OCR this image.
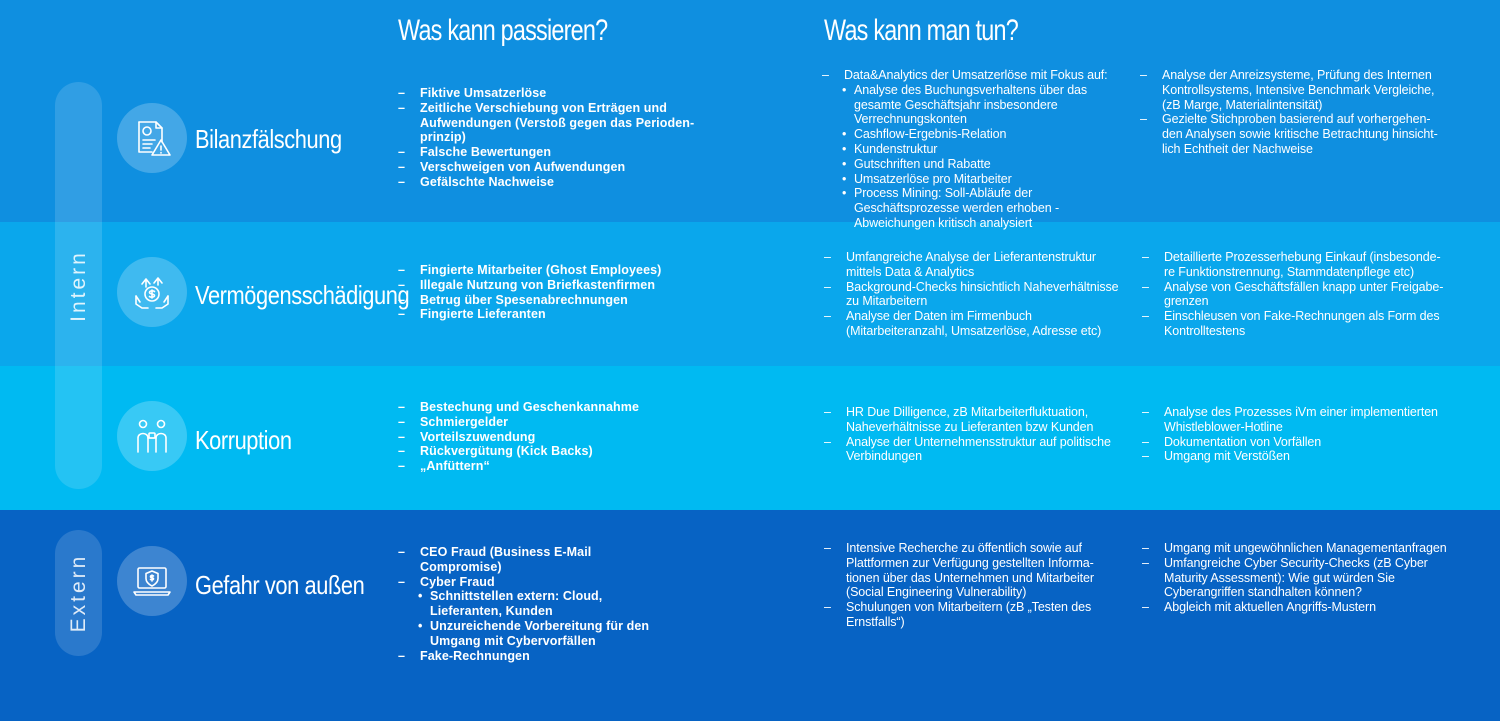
Was kann passieren?	Was kann man tun?
Intern
Extern
Bilanzfälschung
– Fiktive Umsatzerlöse
– Zeitliche Verschiebung von Erträgen und Aufwendungen (Verstoß gegen das Perioden-prinzip)
– Falsche Bewertungen
– Verschweigen von Aufwendungen
– Gefälschte Nachweise
– Data&Analytics der Umsatzerlöse mit Fokus auf:
• Analyse des Buchungsverhaltens über das gesamte Geschäftsjahr insbesondere Verrechnungskonten
• Cashflow-Ergebnis-Relation
• Kundenstruktur
• Gutschriften und Rabatte
• Umsatzerlöse pro Mitarbeiter
• Process Mining: Soll-Abläufe der Geschäftsprozesse werden erhoben - Abweichungen kritisch analysiert
– Analyse der Anreizsysteme, Prüfung des Internen Kontrollsystems, Intensive Benchmark Vergleiche, (zB Marge, Materialintensität)
– Gezielte Stichproben basierend auf vorhergehen-den Analysen sowie kritische Betrachtung hinsicht-lich Echtheit der Nachweise
Vermögensschädigung
– Fingierte Mitarbeiter (Ghost Employees)
– Illegale Nutzung von Briefkastenfirmen
– Betrug über Spesenabrechnungen
– Fingierte Lieferanten
– Umfangreiche Analyse der Lieferantenstruktur mittels Data & Analytics
– Background-Checks hinsichtlich Naheverhältnisse zu Mitarbeitern
– Analyse der Daten im Firmenbuch (Mitarbeiteranzahl, Umsatzerlöse, Adresse etc)
– Detaillierte Prozesserhebung Einkauf (insbesonde-re Funktionstrennung, Stammdatenpflege etc)
– Analyse von Geschäftsfällen knapp unter Freigabe-grenzen
– Einschleusen von Fake-Rechnungen als Form des Kontrolltestens
Korruption
– Bestechung und Geschenkannahme
– Schmiergelder
– Vorteilszuwendung
– Rückvergütung (Kick Backs)
– „Anfüttern“
– HR Due Dilligence, zB Mitarbeiterfluktuation, Naheverhältnisse zu Lieferanten bzw Kunden
– Analyse der Unternehmensstruktur auf politische Verbindungen
– Analyse des Prozesses iVm einer implementierten Whistleblower-Hotline
– Dokumentation von Vorfällen
– Umgang mit Verstößen
Gefahr von außen
– CEO Fraud (Business E-Mail Compromise)
– Cyber Fraud
• Schnittstellen extern: Cloud, Lieferanten, Kunden
• Unzureichende Vorbereitung für den Umgang mit Cybervorfällen
– Fake-Rechnungen
– Intensive Recherche zu öffentlich sowie auf Plattformen zur Verfügung gestellten Informa-tionen über das Unternehmen und Mitarbeiter (Social Engineering Vulnerability)
– Schulungen von Mitarbeitern (zB „Testen des Ernstfalls“)
– Umgang mit ungewöhnlichen Managementanfragen
– Umfangreiche Cyber Security-Checks (zB Cyber Maturity Assessment): Wie gut würden Sie Cyberangriffen standhalten können?
– Abgleich mit aktuellen Angriffs-Mustern
